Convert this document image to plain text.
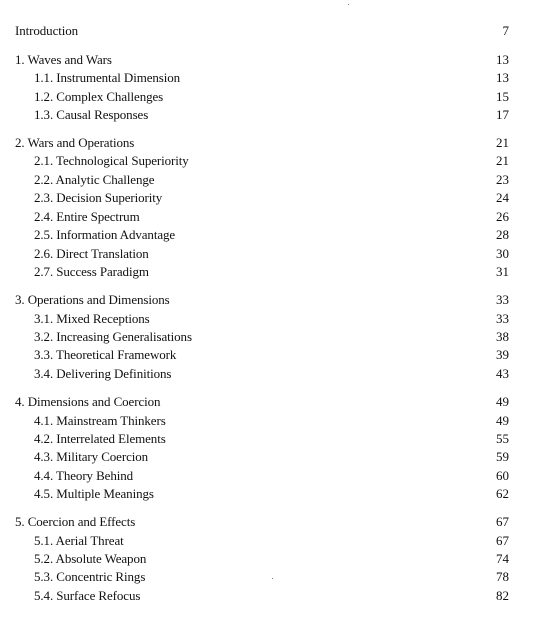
Introduction	7
1. Waves and Wars	13
1.1. Instrumental Dimension	13
1.2. Complex Challenges	15
1.3. Causal Responses	17
2. Wars and Operations	21
2.1. Technological Superiority	21
2.2. Analytic Challenge	23
2.3. Decision Superiority	24
2.4. Entire Spectrum	26
2.5. Information Advantage	28
2.6. Direct Translation	30
2.7. Success Paradigm	31
3. Operations and Dimensions	33
3.1. Mixed Receptions	33
3.2. Increasing Generalisations	38
3.3. Theoretical Framework	39
3.4. Delivering Definitions	43
4. Dimensions and Coercion	49
4.1. Mainstream Thinkers	49
4.2. Interrelated Elements	55
4.3. Military Coercion	59
4.4. Theory Behind	60
4.5. Multiple Meanings	62
5. Coercion and Effects	67
5.1. Aerial Threat	67
5.2. Absolute Weapon	74
5.3. Concentric Rings	78
5.4. Surface Refocus	82
